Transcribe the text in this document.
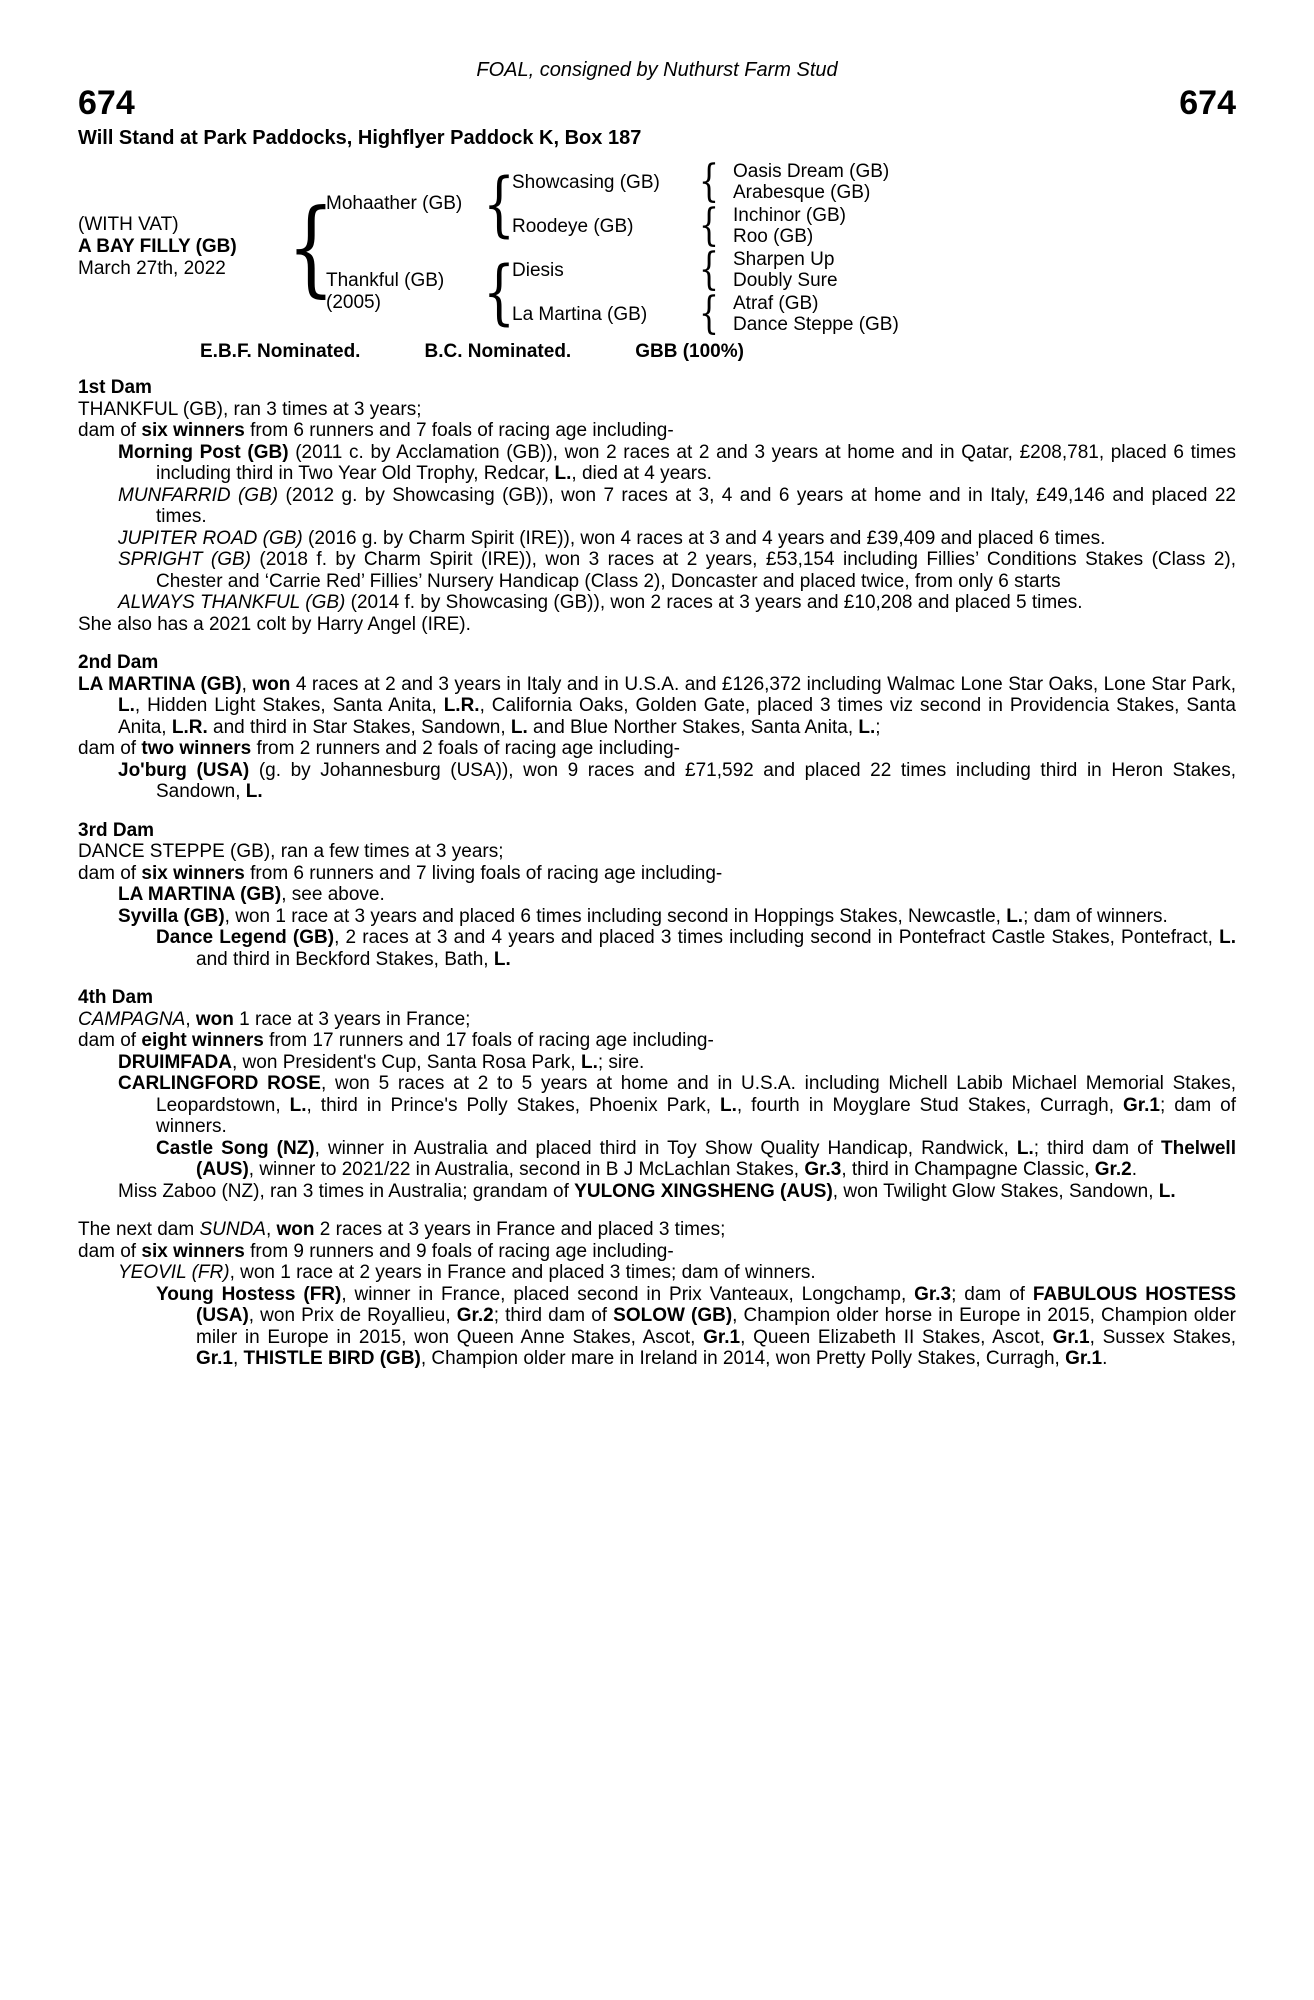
FOAL, consigned by Nuthurst Farm Stud
674	674
Will Stand at Park Paddocks, Highflyer Paddock K, Box 187
(WITH VAT)
A BAY FILLY (GB)
March 27th, 2022 {
Mohaather (GB) {
Showcasing (GB) { Oasis Dream (GB)
Arabesque (GB)
Roodeye (GB)	{ Inchinor (GB)
Roo (GB)
Thankful (GB)
(2005)	{
Diesis	{ Sharpen Up
Doubly Sure
La Martina (GB)	{ Atraf (GB)
Dance Steppe (GB)
E.B.F. Nominated.	B.C. Nominated.	GBB (100%)
1st Dam

THANKFUL (GB), ran 3 times at 3 years;

dam of six winners from 6 runners and 7 foals of racing age including-

Morning Post (GB) (2011 c. by Acclamation (GB)), won 2 races at 2 and 3 years at home and in Qatar, £208,781, placed 6 times including third in Two Year Old Trophy, Redcar, L., died at 4 years.

MUNFARRID (GB) (2012 g. by Showcasing (GB)), won 7 races at 3, 4 and 6 years at home and in Italy, £49,146 and placed 22 times.

JUPITER ROAD (GB) (2016 g. by Charm Spirit (IRE)), won 4 races at 3 and 4 years and £39,409 and placed 6 times.

SPRIGHT (GB) (2018 f. by Charm Spirit (IRE)), won 3 races at 2 years, £53,154 including Fillies’ Conditions Stakes (Class 2), Chester and ‘Carrie Red’ Fillies’ Nursery Handicap (Class 2), Doncaster and placed twice, from only 6 starts

ALWAYS THANKFUL (GB) (2014 f. by Showcasing (GB)), won 2 races at 3 years and £10,208 and placed 5 times.

She also has a 2021 colt by Harry Angel (IRE).

2nd Dam

LA MARTINA (GB), won 4 races at 2 and 3 years in Italy and in U.S.A. and £126,372 including Walmac Lone Star Oaks, Lone Star Park, L., Hidden Light Stakes, Santa Anita, L.R., California Oaks, Golden Gate, placed 3 times viz second in Providencia Stakes, Santa Anita, L.R. and third in Star Stakes, Sandown, L. and Blue Norther Stakes, Santa Anita, L.;

dam of two winners from 2 runners and 2 foals of racing age including-

Jo'burg (USA) (g. by Johannesburg (USA)), won 9 races and £71,592 and placed 22 times including third in Heron Stakes, Sandown, L.

3rd Dam

DANCE STEPPE (GB), ran a few times at 3 years;

dam of six winners from 6 runners and 7 living foals of racing age including-

LA MARTINA (GB), see above.

Syvilla (GB), won 1 race at 3 years and placed 6 times including second in Hoppings Stakes, Newcastle, L.; dam of winners.

Dance Legend (GB), 2 races at 3 and 4 years and placed 3 times including second in Pontefract Castle Stakes, Pontefract, L. and third in Beckford Stakes, Bath, L.

4th Dam

CAMPAGNA, won 1 race at 3 years in France;

dam of eight winners from 17 runners and 17 foals of racing age including-

DRUIMFADA, won President's Cup, Santa Rosa Park, L.; sire.

CARLINGFORD ROSE, won 5 races at 2 to 5 years at home and in U.S.A. including Michell Labib Michael Memorial Stakes, Leopardstown, L., third in Prince's Polly Stakes, Phoenix Park, L., fourth in Moyglare Stud Stakes, Curragh, Gr.1; dam of winners.

Castle Song (NZ), winner in Australia and placed third in Toy Show Quality Handicap, Randwick, L.; third dam of Thelwell (AUS), winner to 2021/22 in Australia, second in B J McLachlan Stakes, Gr.3, third in Champagne Classic, Gr.2.

Miss Zaboo (NZ), ran 3 times in Australia; grandam of YULONG XINGSHENG (AUS), won Twilight Glow Stakes, Sandown, L.

The next dam SUNDA, won 2 races at 3 years in France and placed 3 times;

dam of six winners from 9 runners and 9 foals of racing age including-

YEOVIL (FR), won 1 race at 2 years in France and placed 3 times; dam of winners.

Young Hostess (FR), winner in France, placed second in Prix Vanteaux, Longchamp, Gr.3; dam of FABULOUS HOSTESS (USA), won Prix de Royallieu, Gr.2; third dam of SOLOW (GB), Champion older horse in Europe in 2015, Champion older miler in Europe in 2015, won Queen Anne Stakes, Ascot, Gr.1, Queen Elizabeth II Stakes, Ascot, Gr.1, Sussex Stakes, Gr.1, THISTLE BIRD (GB), Champion older mare in Ireland in 2014, won Pretty Polly Stakes, Curragh, Gr.1.
